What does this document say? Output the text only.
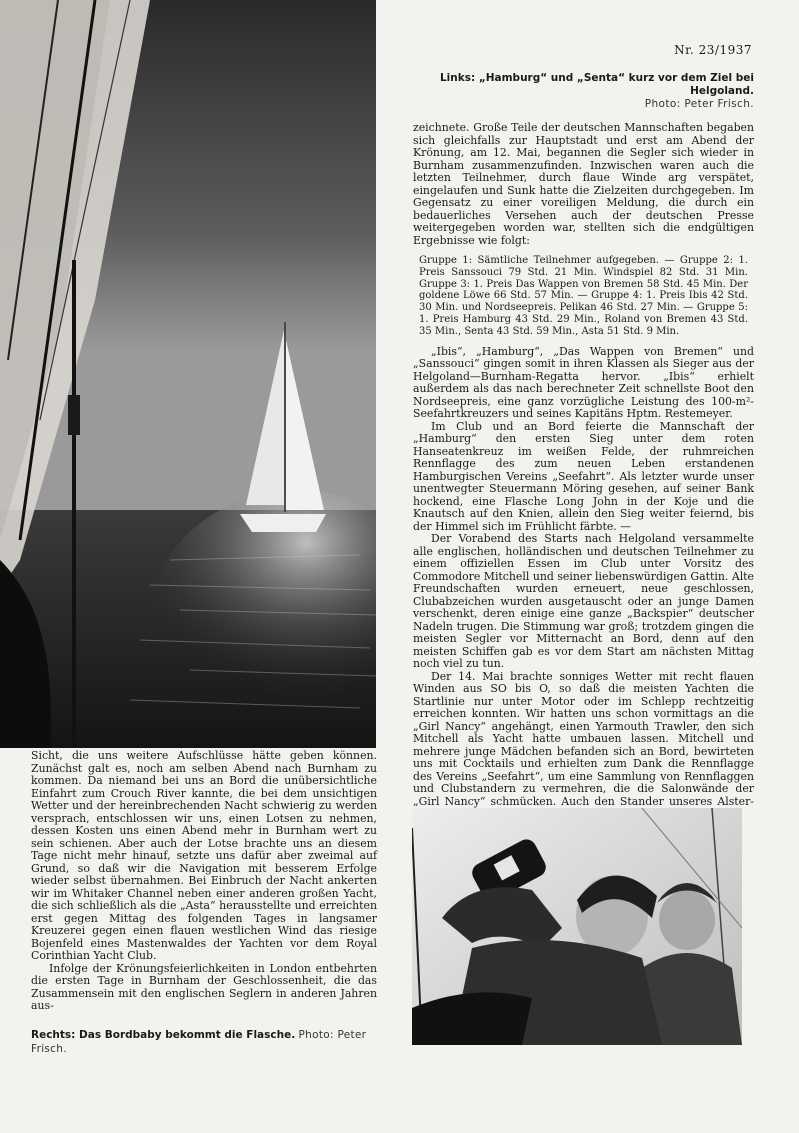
Nr. 23/1937
Links: „Hamburg“ und „Senta“ kurz vor dem Ziel bei Helgoland.
Photo: Peter Frisch.

zeichnete. Große Teile der deutschen Mannschaften begaben sich gleichfalls zur Hauptstadt und erst am Abend der Krönung, am 12. Mai, begannen die Segler sich wieder in Burnham zusammenzufinden. Inzwischen waren auch die letzten Teilnehmer, durch flaue Winde arg verspätet, eingelaufen und Sunk hatte die Zielzeiten durchgegeben. Im Gegensatz zu einer voreiligen Meldung, die durch ein bedauerliches Versehen auch der deutschen Presse weitergegeben worden war, stellten sich die endgültigen Ergebnisse wie folgt:

Gruppe 1: Sämtliche Teilnehmer aufgegeben. — Gruppe 2: 1. Preis Sanssouci 79 Std. 21 Min. Windspiel 82 Std. 31 Min. Gruppe 3: 1. Preis Das Wappen von Bremen 58 Std. 45 Min. Der goldene Löwe 66 Std. 57 Min. — Gruppe 4: 1. Preis Ibis 42 Std. 30 Min. und Nordseepreis. Pelikan 46 Std. 27 Min. — Gruppe 5: 1. Preis Hamburg 43 Std. 29 Min., Roland von Bremen 43 Std. 35 Min., Senta 43 Std. 59 Min., Asta 51 Std. 9 Min.

„Ibis“, „Hamburg“, „Das Wappen von Bremen“ und „Sanssouci“ gingen somit in ihren Klassen als Sieger aus der Helgoland—Burnham-Regatta hervor. „Ibis“ erhielt außerdem als das nach berechneter Zeit schnellste Boot den Nordseepreis, eine ganz vorzügliche Leistung des 100-m²-Seefahrtkreuzers und seines Kapitäns Hptm. Restemeyer.

Im Club und an Bord feierte die Mannschaft der „Hamburg“ den ersten Sieg unter dem roten Hanseatenkreuz im weißen Felde, der ruhmreichen Rennflagge des zum neuen Leben erstandenen Hamburgischen Vereins „Seefahrt“. Als letzter wurde unser unentwegter Steuermann Möring gesehen, auf seiner Bank hockend, eine Flasche Long John in der Koje und die Knautsch auf den Knien, allein den Sieg weiter feiernd, bis der Himmel sich im Frühlicht färbte. —

Der Vorabend des Starts nach Helgoland versammelte alle englischen, holländischen und deutschen Teilnehmer zu einem offiziellen Essen im Club unter Vorsitz des Commodore Mitchell und seiner liebenswürdigen Gattin. Alte Freundschaften wurden erneuert, neue geschlossen, Clubabzeichen wurden ausgetauscht oder an junge Damen verschenkt, deren einige eine ganze „Backspier“ deutscher Nadeln trugen. Die Stimmung war groß; trotzdem gingen die meisten Segler vor Mitternacht an Bord, denn auf den meisten Schiffen gab es vor dem Start am nächsten Mittag noch viel zu tun.

Der 14. Mai brachte sonniges Wetter mit recht flauen Winden aus SO bis O, so daß die meisten Yachten die Startlinie nur unter Motor oder im Schlepp rechtzeitig erreichen konnten. Wir hatten uns schon vormittags an die „Girl Nancy“ angehängt, einen Yarmouth Trawler, den sich Mitchell als Yacht hatte umbauen lassen. Mitchell und mehrere junge Mädchen befanden sich an Bord, bewirteten uns mit Cocktails und erhielten zum Dank die Rennflagge des Vereins „Seefahrt“, um eine Sammlung von Rennflaggen und Clubstandern zu vermehren, die die Salonwände der „Girl Nancy“ schmücken. Auch den Stander unseres Alster-

Sicht, die uns weitere Aufschlüsse hätte geben können. Zunächst galt es, noch am selben Abend nach Burnham zu kommen. Da niemand bei uns an Bord die unübersichtliche Einfahrt zum Crouch River kannte, die bei dem unsichtigen Wetter und der hereinbrechenden Nacht schwierig zu werden versprach, entschlossen wir uns, einen Lotsen zu nehmen, dessen Kosten uns einen Abend mehr in Burnham wert zu sein schienen. Aber auch der Lotse brachte uns an diesem Tage nicht mehr hinauf, setzte uns dafür aber zweimal auf Grund, so daß wir die Navigation mit besserem Erfolge wieder selbst übernahmen. Bei Einbruch der Nacht ankerten wir im Whitaker Channel neben einer anderen großen Yacht, die sich schließlich als die „Asta“ herausstellte und erreichten erst gegen Mittag des folgenden Tages in langsamer Kreuzerei gegen einen flauen westlichen Wind das riesige Bojenfeld eines Mastenwaldes der Yachten vor dem Royal Corinthian Yacht Club.

Infolge der Krönungsfeierlichkeiten in London entbehrten die ersten Tage in Burnham der Geschlossenheit, die das Zusammensein mit den englischen Seglern in anderen Jahren aus-

Rechts: Das Bordbaby bekommt die Flasche. Photo: Peter Frisch.
